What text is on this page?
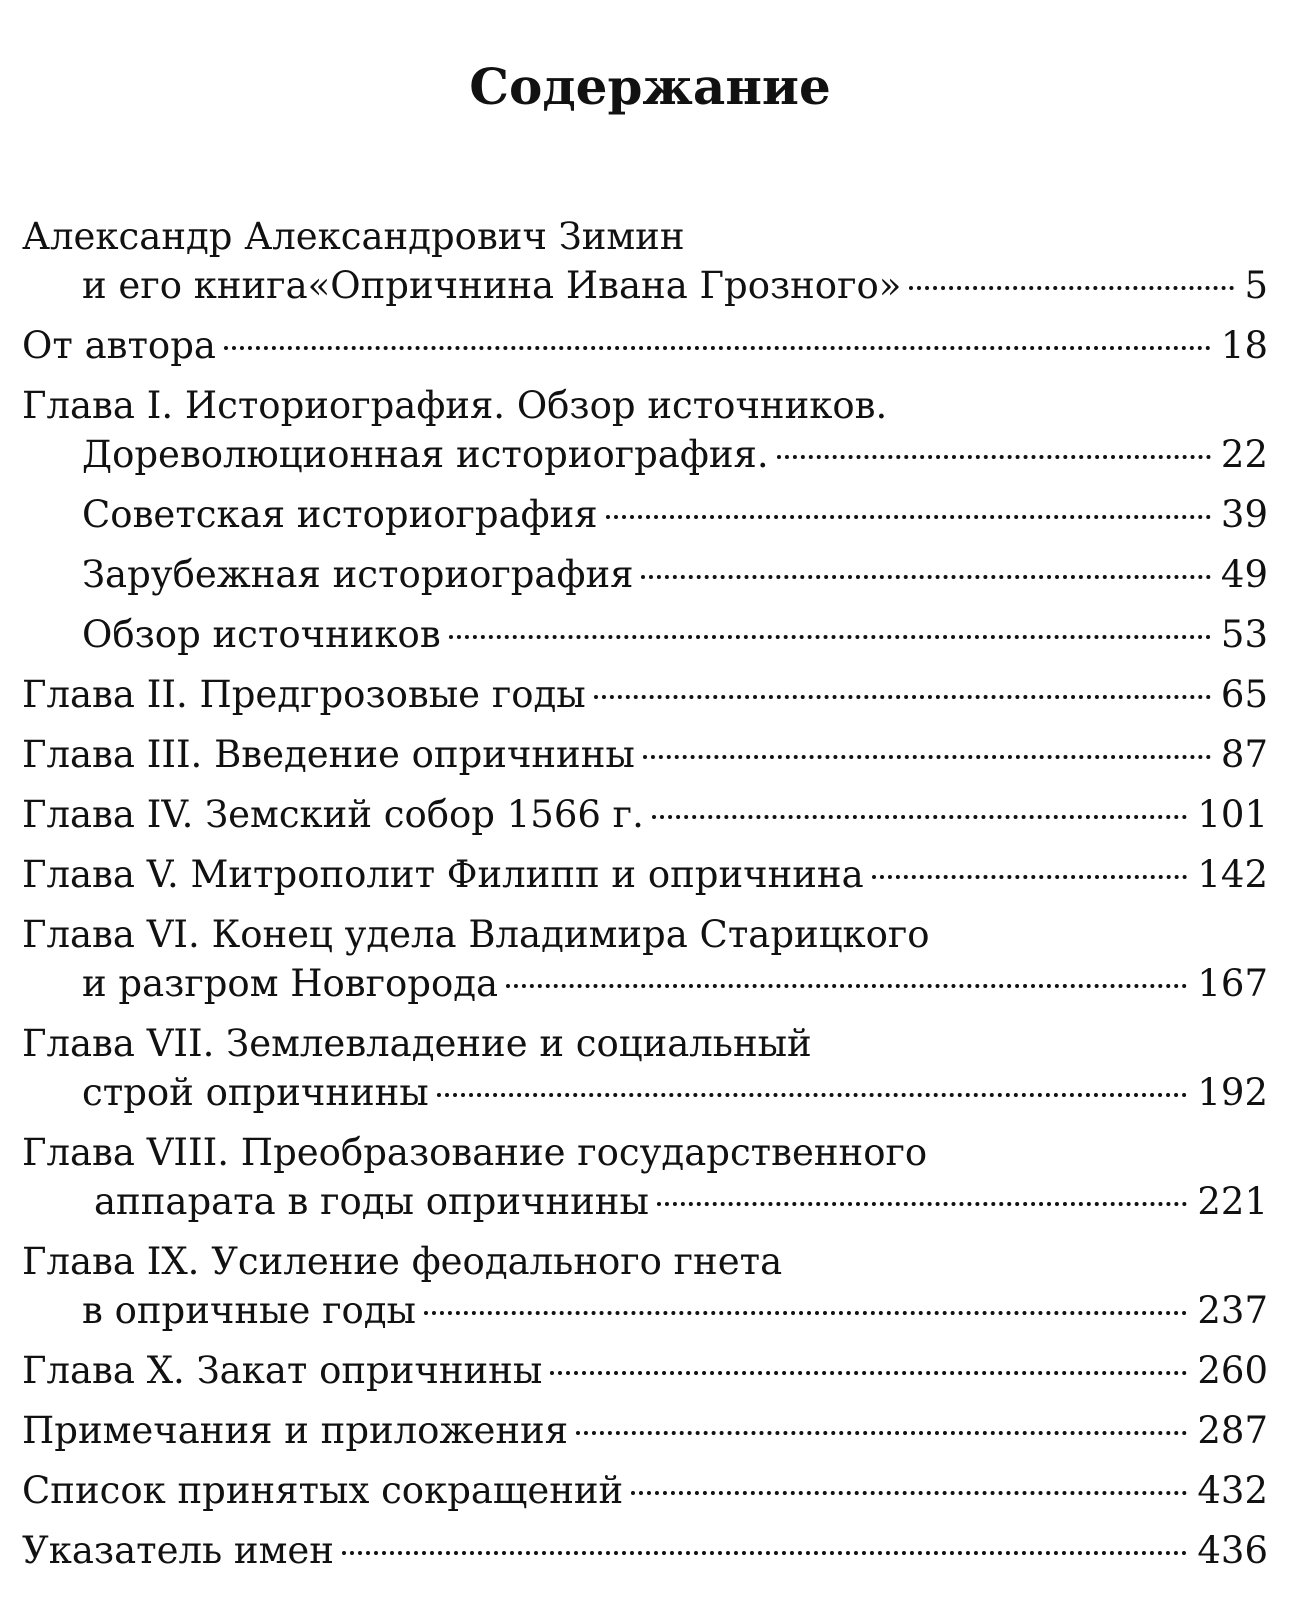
Содержание
Александр Александрович Зимин
и его книга«Опричнина Ивана Грозного»	5
От автора	18
Глава I. Историография. Обзор источников.
Дореволюционная историография.	22
Советская историография	39
Зарубежная историография	49
Обзор источников	53
Глава II. Предгрозовые годы	65
Глава III. Введение опричнины	87
Глава IV. Земский собор 1566 г.	101
Глава V. Митрополит Филипп и опричнина	142
Глава VI. Конец удела Владимира Старицкого
и разгром Новгорода	167
Глава VII. Землевладение и социальный
строй опричнины	192
Глава VIII. Преобразование государственного
аппарата в годы опричнины	221
Глава IX. Усиление феодального гнета
в опричные годы	237
Глава X. Закат опричнины	260
Примечания и приложения	287
Список принятых сокращений	432
Указатель имен	436
